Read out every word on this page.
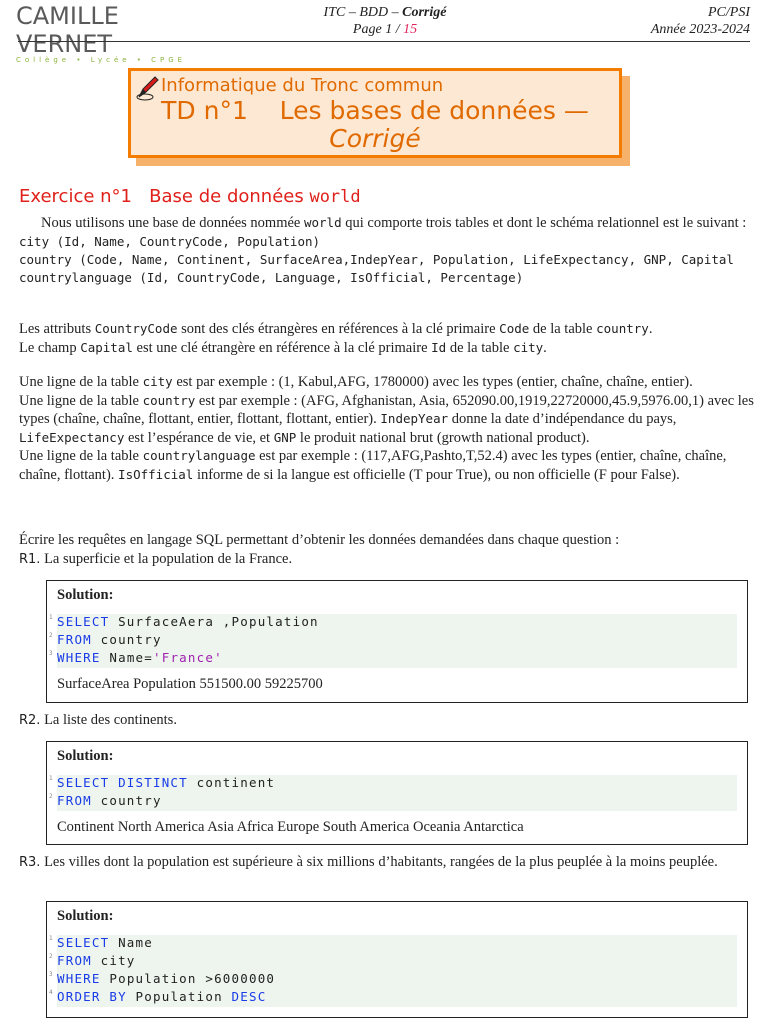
CAMILLE VERNET
Collège • Lycée • CPGE
ITC – BDD – Corrigé
Page 1 / 15
PC/PSI
Année 2023-2024
Informatique du Tronc commun
TD n°1    Les bases de données —
Corrigé
Exercice n°1   Base de données world
Nous utilisons une base de données nommée world qui comporte trois tables et dont le schéma relationnel est le suivant :
city (Id, Name, CountryCode, Population)
country (Code, Name, Continent, SurfaceArea,IndepYear, Population, LifeExpectancy, GNP, Capital
countrylanguage (Id, CountryCode, Language, IsOfficial, Percentage)
Les attributs CountryCode sont des clés étrangères en références à la clé primaire Code de la table country.
Le champ Capital est une clé étrangère en référence à la clé primaire Id de la table city.
Une ligne de la table city est par exemple : (1, Kabul,AFG, 1780000) avec les types (entier, chaîne, chaîne, entier).
Une ligne de la table country est par exemple : (AFG, Afghanistan, Asia, 652090.00,1919,22720000,45.9,5976.00,1) avec les types (chaîne, chaîne, flottant, entier, flottant, flottant, entier). IndepYear donne la date d’indépendance du pays, LifeExpectancy est l’espérance de vie, et GNP le produit national brut (growth national product).
Une ligne de la table countrylanguage est par exemple : (117,AFG,Pashto,T,52.4) avec les types (entier, chaîne, chaîne, chaîne, flottant). IsOfficial informe de si la langue est officielle (T pour True), ou non officielle (F pour False).
Écrire les requêtes en langage SQL permettant d’obtenir les données demandées dans chaque question :
R1. La superficie et la population de la France.
Solution:
1 SELECT SurfaceAera ,Population
2 FROM country
3 WHERE Name='France'
SurfaceArea Population 551500.00 59225700
R2. La liste des continents.
Solution:
1 SELECT DISTINCT continent
2 FROM country
Continent North America Asia Africa Europe South America Oceania Antarctica
R3. Les villes dont la population est supérieure à six millions d’habitants, rangées de la plus peuplée à la moins peuplée.
Solution:
1 SELECT Name
2 FROM city
3 WHERE Population >6000000
4 ORDER BY Population DESC
